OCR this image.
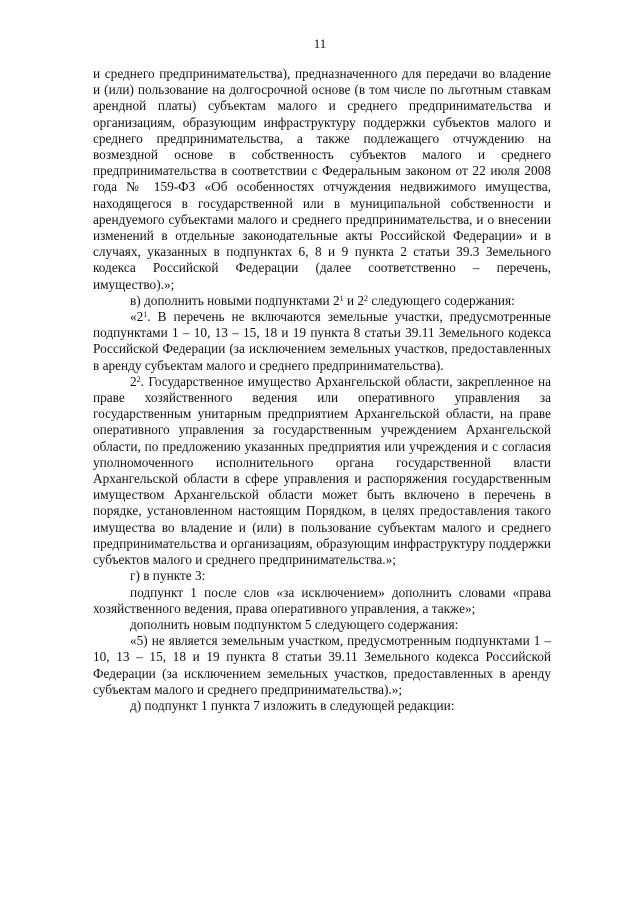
11

и среднего предпринимательства), предназначенного для передачи во владение и (или) пользование на долгосрочной основе (в том числе по льготным ставкам арендной платы) субъектам малого и среднего предпринимательства и организациям, образующим инфраструктуру поддержки субъектов малого и среднего предпринимательства, а также подлежащего отчуждению на возмездной основе в собственность субъектов малого и среднего предпринимательства в соответствии с Федеральным законом от 22 июля 2008 года № 159-ФЗ «Об особенностях отчуждения недвижимого имущества, находящегося в государственной или в муниципальной собственности и арендуемого субъектами малого и среднего предпринимательства, и о внесении изменений в отдельные законодательные акты Российской Федерации» и в случаях, указанных в подпунктах 6, 8 и 9 пункта 2 статьи 39.3 Земельного кодекса Российской Федерации (далее соответственно – перечень, имущество).»;

в) дополнить новыми подпунктами $2^1$ и $2^2$ следующего содержания:

«$2^1$. В перечень не включаются земельные участки, предусмотренные подпунктами 1 – 10, 13 – 15, 18 и 19 пункта 8 статьи 39.11 Земельного кодекса Российской Федерации (за исключением земельных участков, предоставленных в аренду субъектам малого и среднего предпринимательства).

$2^2$. Государственное имущество Архангельской области, закрепленное на праве хозяйственного ведения или оперативного управления за государственным унитарным предприятием Архангельской области, на праве оперативного управления за государственным учреждением Архангельской области, по предложению указанных предприятия или учреждения и с согласия уполномоченного исполнительного органа государственной власти Архангельской области в сфере управления и распоряжения государственным имуществом Архангельской области может быть включено в перечень в порядке, установленном настоящим Порядком, в целях предоставления такого имущества во владение и (или) в пользование субъектам малого и среднего предпринимательства и организациям, образующим инфраструктуру поддержки субъектов малого и среднего предпринимательства.»;

г) в пункте 3:

подпункт 1 после слов «за исключением» дополнить словами «права хозяйственного ведения, права оперативного управления, а также»;

дополнить новым подпунктом 5 следующего содержания:

«5) не является земельным участком, предусмотренным подпунктами 1 – 10, 13 – 15, 18 и 19 пункта 8 статьи 39.11 Земельного кодекса Российской Федерации (за исключением земельных участков, предоставленных в аренду субъектам малого и среднего предпринимательства).»;

д) подпункт 1 пункта 7 изложить в следующей редакции:
